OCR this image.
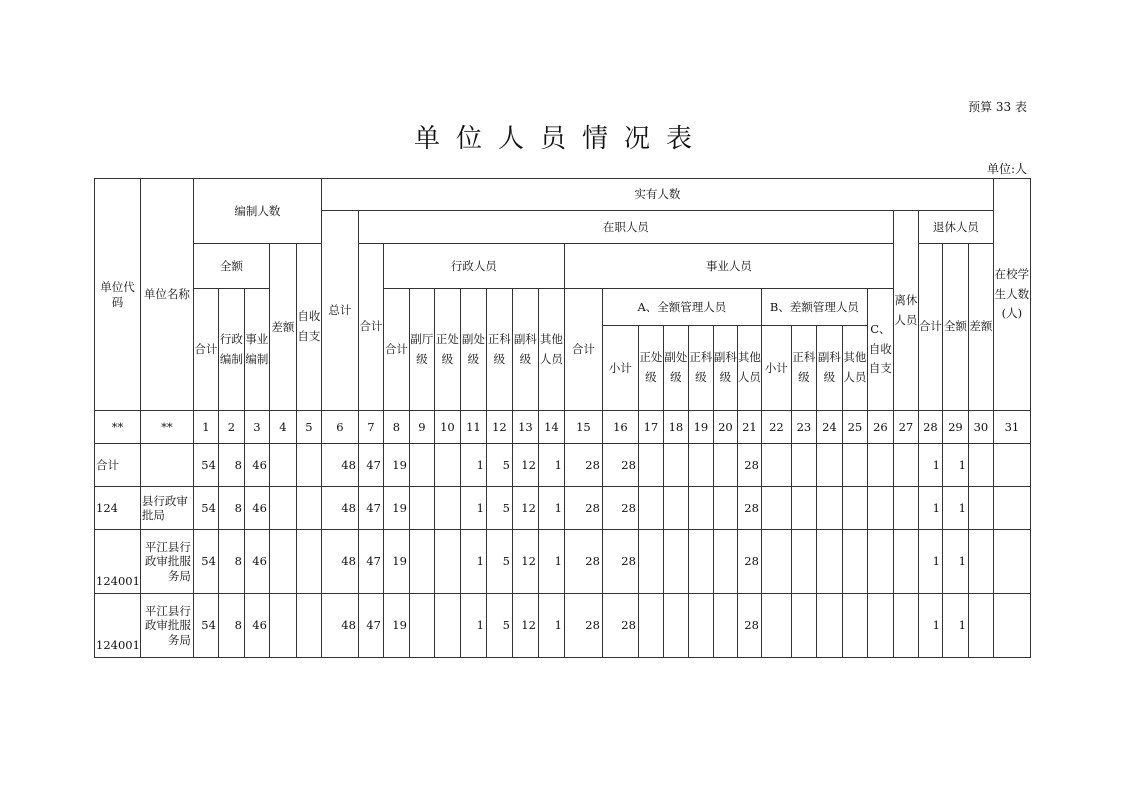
预算 33 表
单位人员情况表
单位:人
单位代码	单位名称	编制人数					实有人数																									在校学生人数(人)
							总计	在职人员																				离休人员	退休人员			
		全额			差额	自收自支		合计	行政人员							事业人员													合计	全额	差额	
		合计	行政编制	事业编制					合计	副厅级	正处级	副处级	正科级	副科级	其他人员	合计	A、全额管理人员						B、差额管理人员				C、自收自支					
																	小计	正处级	副处级	正科级	副科级	其他人员	小计	正科级	副科级	其他人员						

**	**	1	2	3	4	5	6	7	8	9	10	11	12	13	14	15	16	17	18	19	20	21	22	23	24	25	26	27	28	29	30	31
合计		54	8	46			48	47	19			1	5	12	1	28	28					28							1	1		
124	县行政审批局	54	8	46			48	47	19			1	5	12	1	28	28					28							1	1		
124001	平江县行政审批服务局	54	8	46			48	47	19			1	5	12	1	28	28					28							1	1		
124001	平江县行政审批服务局	54	8	46			48	47	19			1	5	12	1	28	28					28							1	1		
